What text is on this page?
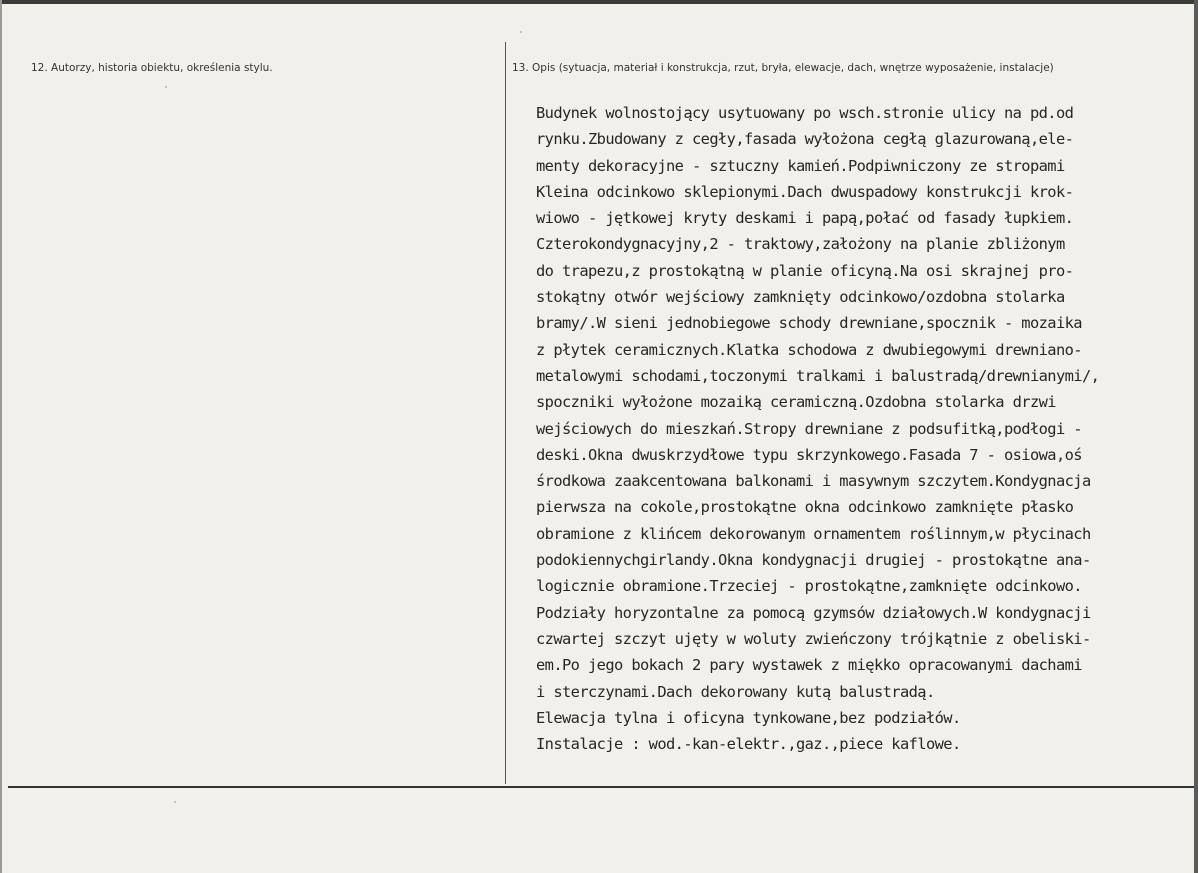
12. Autorzy, historia obiektu, określenia stylu.	13. Opis (sytuacja, materiał i konstrukcja, rzut, bryła, elewacje, dach, wnętrze wyposażenie, instalacje)
Budynek wolnostojący usytuowany po wsch.stronie ulicy na pd.od
rynku.Zbudowany z cegły,fasada wyłożona cegłą glazurowaną,ele-
menty dekoracyjne - sztuczny kamień.Podpiwniczony ze stropami
Kleina odcinkowo sklepionymi.Dach dwuspadowy konstrukcji krok-
wiowo - jętkowej kryty deskami i papą,połać od fasady łupkiem.
Czterokondygnacyjny,2 - traktowy,założony na planie zbliżonym
do trapezu,z prostokątną w planie oficyną.Na osi skrajnej pro-
stokątny otwór wejściowy zamknięty odcinkowo/ozdobna stolarka
bramy/.W sieni jednobiegowe schody drewniane,spocznik - mozaika
z płytek ceramicznych.Klatka schodowa z dwubiegowymi drewniano-
metalowymi schodami,toczonymi tralkami i balustradą/drewnianymi/,
spoczniki wyłożone mozaiką ceramiczną.Ozdobna stolarka drzwi
wejściowych do mieszkań.Stropy drewniane z podsufitką,podłogi -
deski.Okna dwuskrzydłowe typu skrzynkowego.Fasada 7 - osiowa,oś
środkowa zaakcentowana balkonami i masywnym szczytem.Kondygnacja
pierwsza na cokole,prostokątne okna odcinkowo zamknięte płasko
obramione z klińcem dekorowanym ornamentem roślinnym,w płycinach
podokiennychgirlandy.Okna kondygnacji drugiej - prostokątne ana-
logicznie obramione.Trzeciej - prostokątne,zamknięte odcinkowo.
Podziały horyzontalne za pomocą gzymsów działowych.W kondygnacji
czwartej szczyt ujęty w woluty zwieńczony trójkątnie z obeliski-
em.Po jego bokach 2 pary wystawek z miękko opracowanymi dachami
i sterczynami.Dach dekorowany kutą balustradą.
Elewacja tylna i oficyna tynkowane,bez podziałów.
Instalacje : wod.-kan-elektr.,gaz.,piece kaflowe.
